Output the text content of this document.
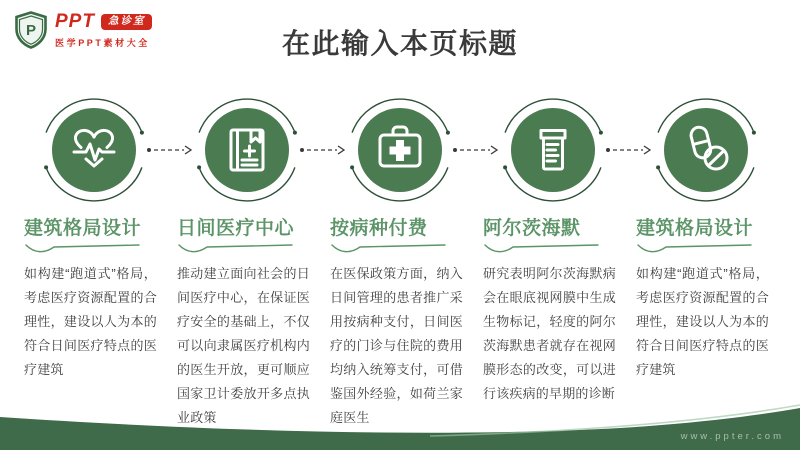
P PPT	急诊室
医学PPT素材大全	在此输入本页标题
建筑格局设计

如构建“跑道式”格局，考虑医疗资源配置的合理性，建设以人为本的符合日间医疗特点的医疗建筑

日间医疗中心

推动建立面向社会的日间医疗中心，在保证医疗安全的基础上，不仅可以向隶属医疗机构内的医生开放，更可顺应国家卫计委放开多点执业政策

按病种付费

在医保政策方面，纳入日间管理的患者推广采用按病种支付，日间医疗的门诊与住院的费用均纳入统筹支付，可借鉴国外经验，如荷兰家庭医生

阿尔茨海默

研究表明阿尔茨海默病会在眼底视网膜中生成生物标记，轻度的阿尔茨海默患者就存在视网膜形态的改变，可以进行该疾病的早期的诊断

建筑格局设计

如构建“跑道式”格局，考虑医疗资源配置的合理性，建设以人为本的符合日间医疗特点的医疗建筑

www.ppter.com
